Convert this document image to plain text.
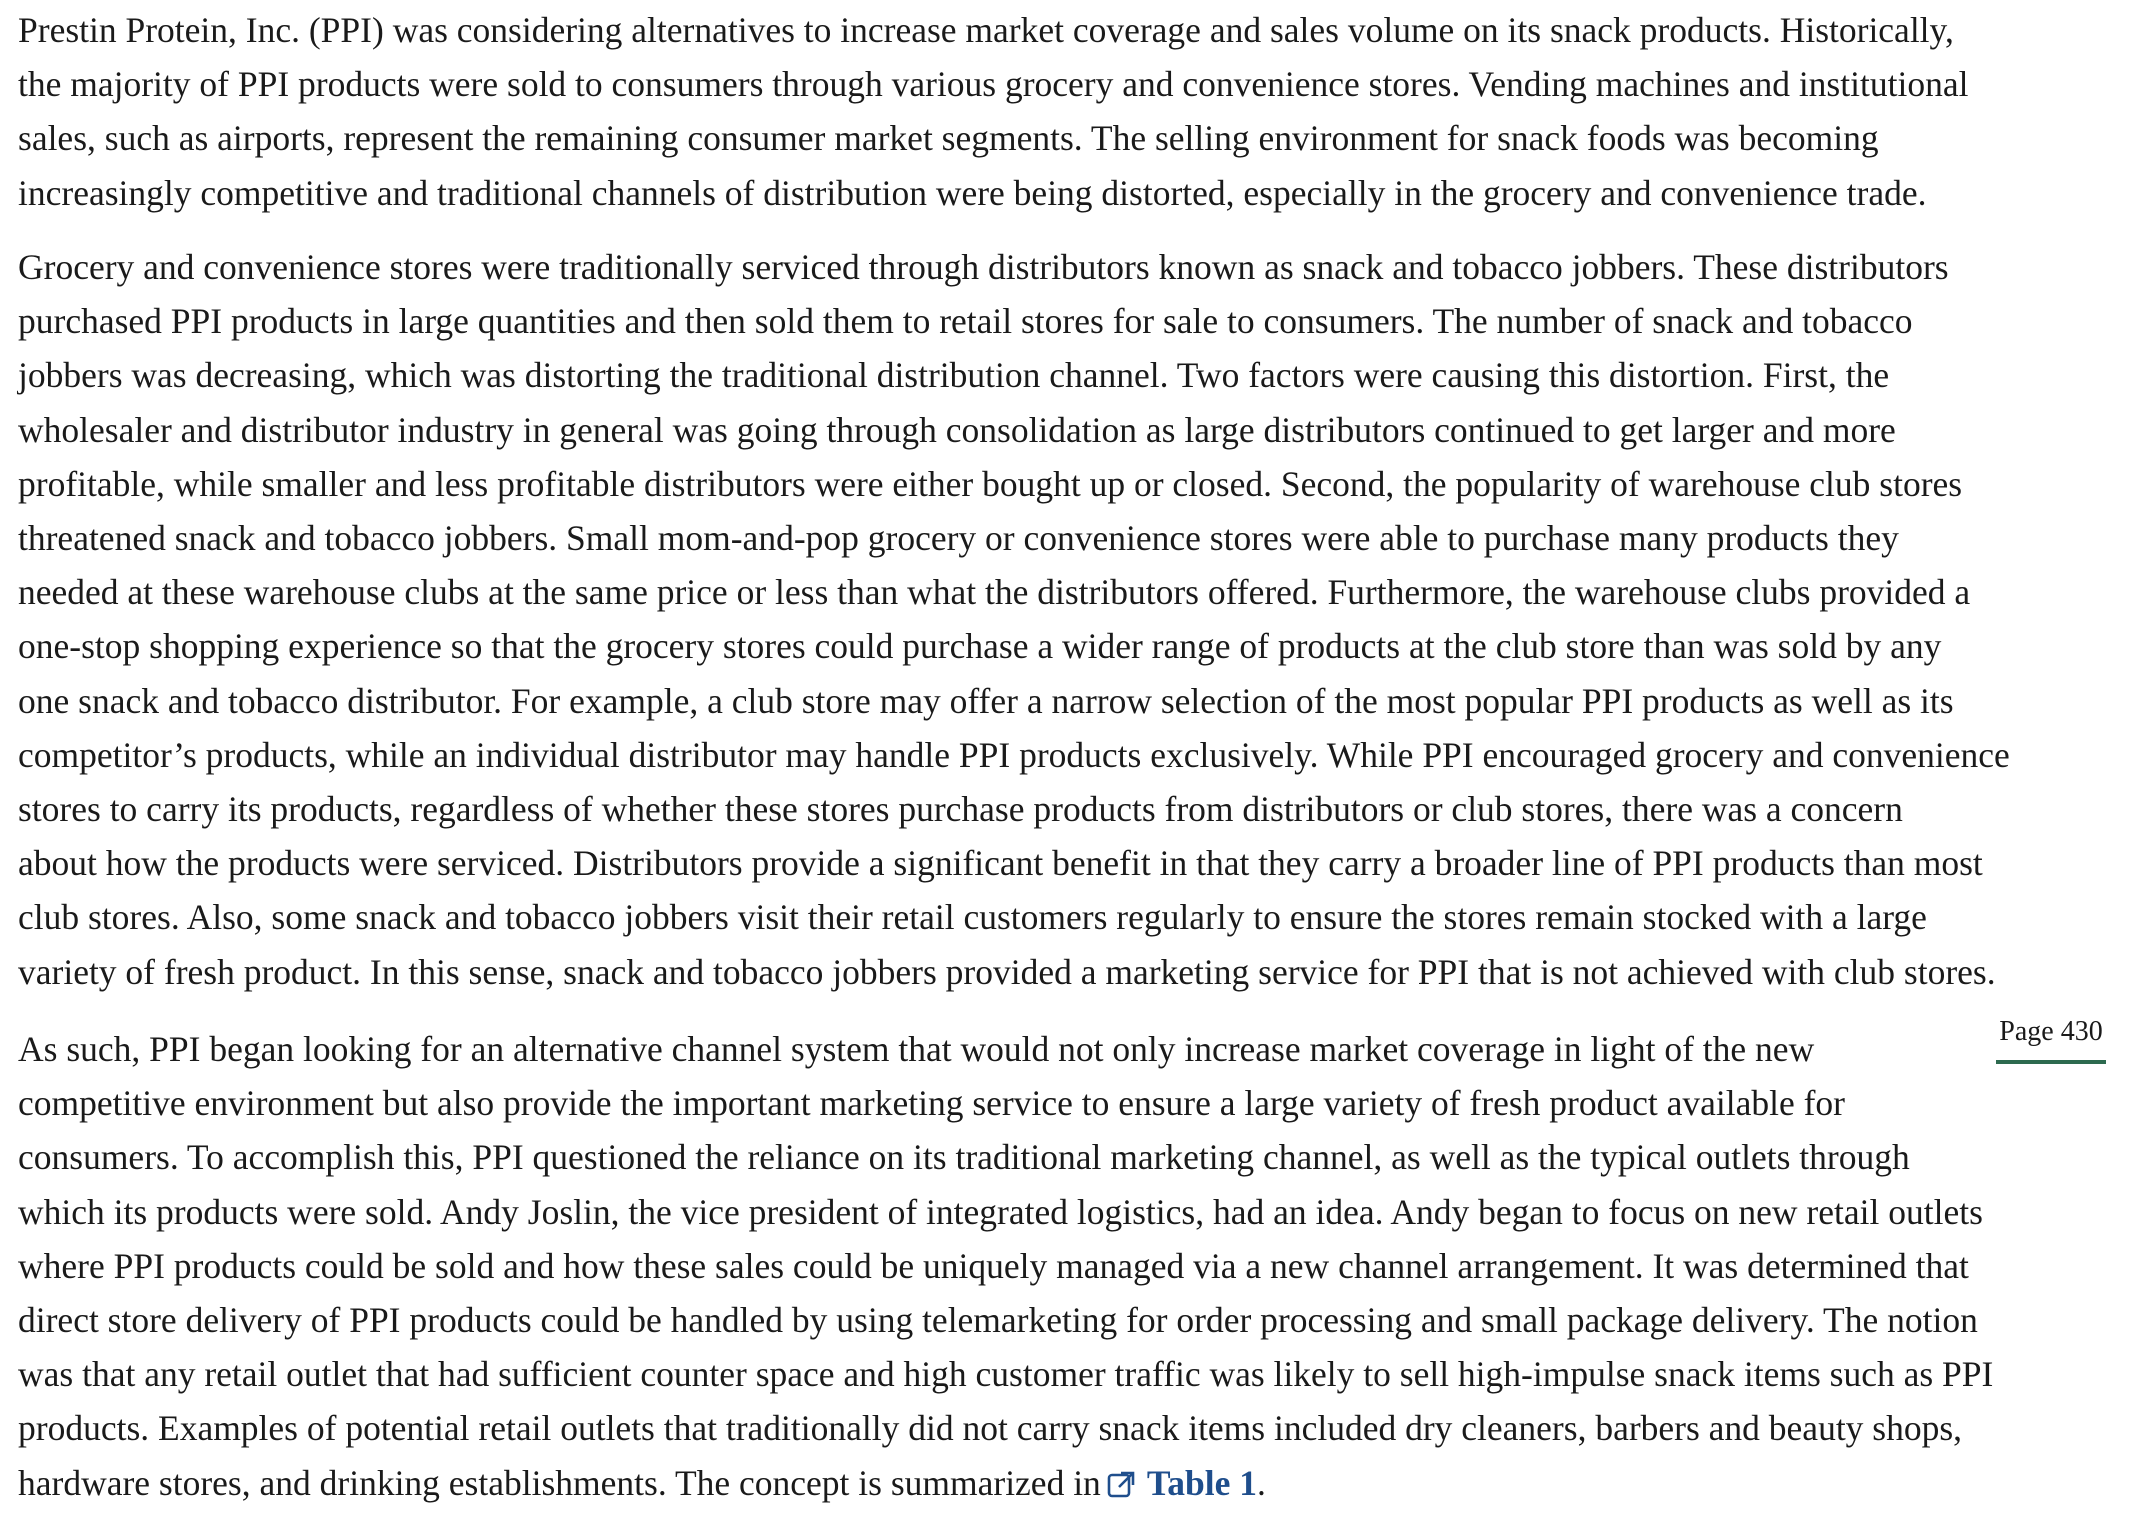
Prestin Protein, Inc. (PPI) was considering alternatives to increase market coverage and sales volume on its snack products. Historically,
the majority of PPI products were sold to consumers through various grocery and convenience stores. Vending machines and institutional
sales, such as airports, represent the remaining consumer market segments. The selling environment for snack foods was becoming
increasingly competitive and traditional channels of distribution were being distorted, especially in the grocery and convenience trade.

Grocery and convenience stores were traditionally serviced through distributors known as snack and tobacco jobbers. These distributors
purchased PPI products in large quantities and then sold them to retail stores for sale to consumers. The number of snack and tobacco
jobbers was decreasing, which was distorting the traditional distribution channel. Two factors were causing this distortion. First, the
wholesaler and distributor industry in general was going through consolidation as large distributors continued to get larger and more
profitable, while smaller and less profitable distributors were either bought up or closed. Second, the popularity of warehouse club stores
threatened snack and tobacco jobbers. Small mom-and-pop grocery or convenience stores were able to purchase many products they
needed at these warehouse clubs at the same price or less than what the distributors offered. Furthermore, the warehouse clubs provided a
one-stop shopping experience so that the grocery stores could purchase a wider range of products at the club store than was sold by any
one snack and tobacco distributor. For example, a club store may offer a narrow selection of the most popular PPI products as well as its
competitor’s products, while an individual distributor may handle PPI products exclusively. While PPI encouraged grocery and convenience
stores to carry its products, regardless of whether these stores purchase products from distributors or club stores, there was a concern
about how the products were serviced. Distributors provide a significant benefit in that they carry a broader line of PPI products than most
club stores. Also, some snack and tobacco jobbers visit their retail customers regularly to ensure the stores remain stocked with a large
variety of fresh product. In this sense, snack and tobacco jobbers provided a marketing service for PPI that is not achieved with club stores.

As such, PPI began looking for an alternative channel system that would not only increase market coverage in light of the new
competitive environment but also provide the important marketing service to ensure a large variety of fresh product available for
consumers. To accomplish this, PPI questioned the reliance on its traditional marketing channel, as well as the typical outlets through
which its products were sold. Andy Joslin, the vice president of integrated logistics, had an idea. Andy began to focus on new retail outlets
where PPI products could be sold and how these sales could be uniquely managed via a new channel arrangement. It was determined that
direct store delivery of PPI products could be handled by using telemarketing for order processing and small package delivery. The notion
was that any retail outlet that had sufficient counter space and high customer traffic was likely to sell high-impulse snack items such as PPI
products. Examples of potential retail outlets that traditionally did not carry snack items included dry cleaners, barbers and beauty shops,
hardware stores, and drinking establishments. The concept is summarized in Table 1.

Page 430
